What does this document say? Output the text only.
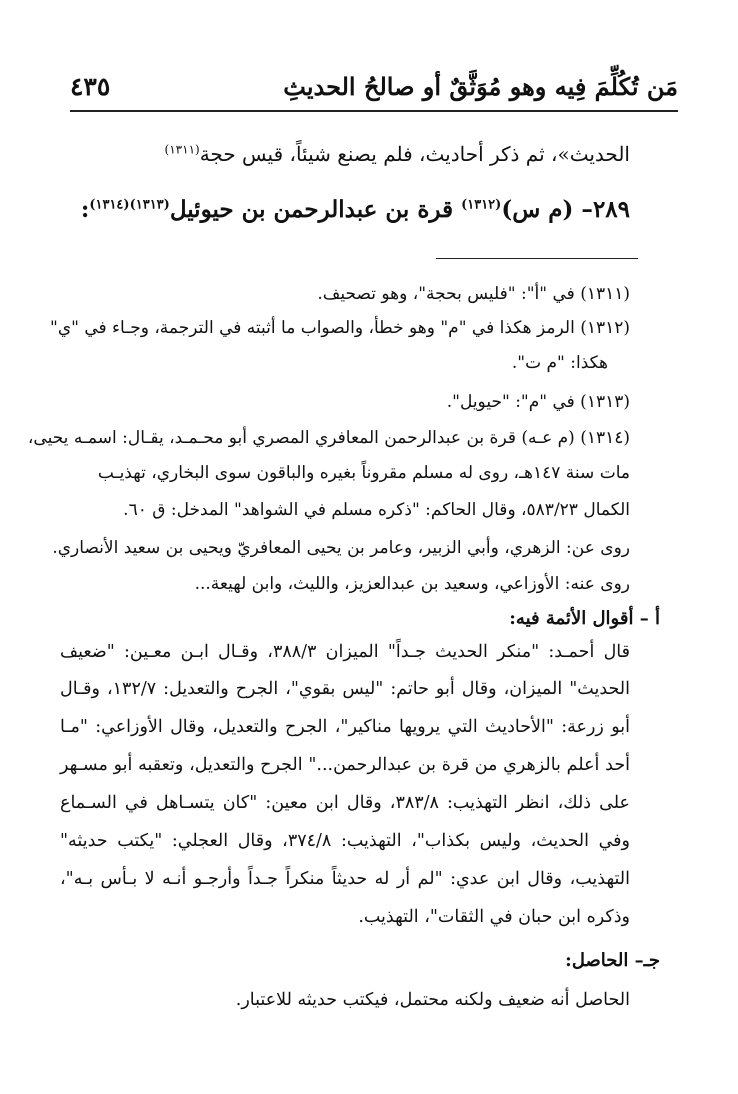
مَن تُكُلِّمَ فِيه وهو مُوَثَّقٌ أو صالحُ الحديثِ
٤٣٥
الحديث»، ثم ذكر أحاديث، فلم يصنع شيئاً، قيس حجة$^{(١٣١١)}$
٢٨٩– (م س)$^{(١٣١٢)}$ قرة بن عبدالرحمن بن حيوئيل$^{(١٣١٣)(١٣١٤)}$:
(١٣١١) في "أ": "فليس بحجة"، وهو تصحيف.
(١٣١٢) الرمز هكذا في "م" وهو خطأ، والصواب ما أثبته في الترجمة، وجـاء في "ي"
هكذا: "م ت".
(١٣١٣) في "م": "حيويل".
(١٣١٤) (م عـه) قرة بن عبدالرحمن المعافري المصري أبو محـمـد، يقـال: اسمـه يحيى،
مات سنة ١٤٧هـ، روى له مسلم مقروناً بغيره والباقون سوى البخاري، تهذيـب
الكمال ٥٨٣/٢٣، وقال الحاكم: "ذكره مسلم في الشواهد" المدخل: ق ٦٠.
روى عن: الزهري، وأبي الزبير، وعامر بن يحيى المعافريّ ويحيى بن سعيد الأنصاري.
روى عنه: الأوزاعي، وسعيد بن عبدالعزيز، والليث، وابن لهيعة...
أ – أقوال الأئمة فيه:
قال أحمـد: "منكر الحديث جـداً" الميزان ٣٨٨/٣، وقـال ابـن معـين: "ضعيف
الحديث" الميزان، وقال أبو حاتم: "ليس بقوي"، الجرح والتعديل: ١٣٢/٧، وقـال
أبو زرعة: "الأحاديث التي يرويها مناكير"، الجرح والتعديل، وقال الأوزاعي: "مـا
أحد أعلم بالزهري من قرة بن عبدالرحمن..." الجرح والتعديل، وتعقبه أبو مسـهر
على ذلك، انظر التهذيب: ٣٨٣/٨، وقال ابن معين: "كان يتسـاهل في السـماع
وفي الحديث، وليس بكذاب"، التهذيب: ٣٧٤/٨، وقال العجلي: "يكتب حديثه"
التهذيب، وقال ابن عدي: "لم أر له حديثاً منكراً جـداً وأرجـو أنـه لا بـأس بـه"،
وذكره ابن حبان في الثقات"، التهذيب.
جـ– الحاصل:
الحاصل أنه ضعيف ولكنه محتمل، فيكتب حديثه للاعتبار.
